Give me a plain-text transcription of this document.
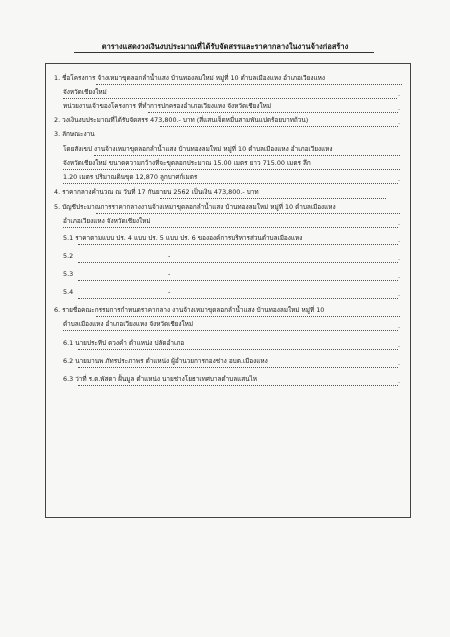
ตารางแสดงวงเงินงบประมาณที่ได้รับจัดสรรและราคากลางในงานจ้างก่อสร้าง
1. ชื่อโครงการ จ้างเหมาขุดลอกลำน้ำแสง บ้านทองลมใหม่ หมู่ที่ 10 ตำบลเมืองแหง อำเภอเวียงแหง
จังหวัดเชียงใหม่	.
หน่วยงานเจ้าของโครงการ ที่ทำการปกครองอำเภอเวียงแหง จังหวัดเชียงใหม่	.
2. วงเงินงบประมาณที่ได้รับจัดสรร 473,800.- บาท (สี่แสนเจ็ดหมื่นสามพันแปดร้อยบาทถ้วน)	.
3. ลักษณะงาน
โดยสังเขป งานจ้างเหมาขุดลอกลำน้ำแสง บ้านทองลมใหม่ หมู่ที่ 10 ตำบลเมืองแหง อำเภอเวียงแหง
จังหวัดเชียงใหม่ ขนาดความกว้างที่จะขุดลอกประมาณ 15.00 เมตร ยาว 715.00 เมตร ลึก
1.20 เมตร ปริมาณดินขุด 12,870 ลูกบาศก์เมตร	.
4. ราคากลางคำนวณ ณ วันที่ 17 กันยายน 2562 เป็นเงิน 473,800.- บาท
5. บัญชีประมาณการราคากลางงานจ้างเหมาขุดลอกลำน้ำแสง บ้านทองลมใหม่ หมู่ที่ 10 ตำบลเมืองแหง
อำเภอเวียงแหง จังหวัดเชียงใหม่	.
5.1 ราคาตามแบบ ปร. 4 แบบ ปร. 5 แบบ ปร. 6 ขององค์การบริหารส่วนตำบลเมืองแหง	.
5.2	-	.
5.3	-	.
5.4	-	.
6. รายชื่อคณะกรรมการกำหนดราคากลาง งานจ้างเหมาขุดลอกลำน้ำแสง บ้านทองลมใหม่ หมู่ที่ 10
ตำบลเมืองแหง อำเภอเวียงแหง จังหวัดเชียงใหม่	.
6.1 นายประทีป ดวงคำ ตำแหน่ง ปลัดอำเภอ	.
6.2 นายมานพ ภัทรประภาพร ตำแหน่ง ผู้อำนวยการกองช่าง อบต.เมืองแหง	.
6.3 ว่าที่ ร.ต.พัสดา ฝั้นมูล ตำแหน่ง นายช่างโยธาเทศบาลตำบลแสนไห	.
